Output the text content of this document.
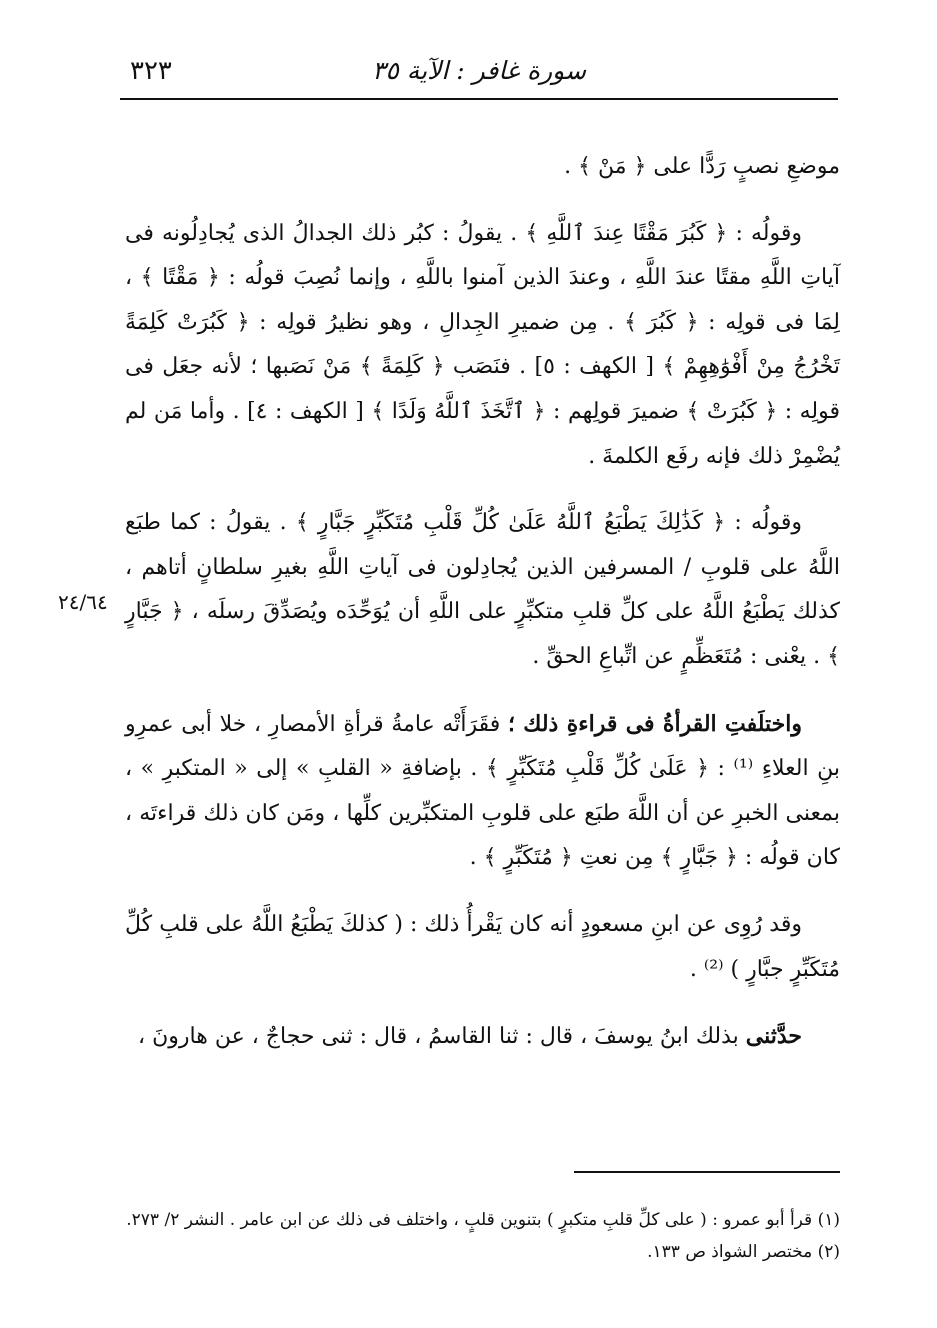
سورة غافر : الآية ٣٥
٣٢٣
٢٤/٦٤

موضعِ نصبٍ رَدًّا على ﴿ مَنْ ﴾ .

وقولُه : ﴿ كَبُرَ مَقْتًا عِندَ ٱللَّهِ ﴾ . يقولُ : كبُر ذلك الجدالُ الذى يُجادِلُونه فى آياتِ اللَّهِ مقتًا عندَ اللَّهِ ، وعندَ الذين آمنوا باللَّهِ ، وإنما نُصِبَ قولُه : ﴿ مَقْتًا ﴾ ، لِمَا فى قولِه : ﴿ كَبُرَ ﴾ . مِن ضميرِ الجِدالِ ، وهو نظيرُ قولِه : ﴿ كَبُرَتْ كَلِمَةً تَخْرُجُ مِنْ أَفْوَٰهِهِمْ ﴾ [ الكهف : ٥] . فنَصَب ﴿ كَلِمَةً ﴾ مَنْ نَصَبها ؛ لأنه جعَل فى قولِه : ﴿ كَبُرَتْ ﴾ ضميرَ قولِهم : ﴿ ٱتَّخَذَ ٱللَّهُ وَلَدًا ﴾ [ الكهف : ٤] . وأما مَن لم يُضْمِرْ ذلك فإنه رفَع الكلمةَ .

وقولُه : ﴿ كَذَٰلِكَ يَطْبَعُ ٱللَّهُ عَلَىٰ كُلِّ قَلْبِ مُتَكَبِّرٍ جَبَّارٍ ﴾ . يقولُ : كما طبَع اللَّهُ على قلوبِ / المسرفين الذين يُجادِلون فى آياتِ اللَّهِ بغيرِ سلطانٍ أتاهم ، كذلك يَطْبَعُ اللَّهُ على كلِّ قلبِ متكبِّرٍ على اللَّهِ أن يُوَحِّدَه ويُصَدِّقَ رسلَه ، ﴿ جَبَّارٍ ﴾ . يعْنى : مُتَعَظِّمٍ عن اتِّباعِ الحقِّ .

واختلَفتِ القرأةُ فى قراءةِ ذلك ؛ فقَرَأَتْه عامةُ قرأةِ الأمصارِ ، خلا أبى عمرِو بنِ العلاءِ ⁽¹⁾ : ﴿ عَلَىٰ كُلِّ قَلْبِ مُتَكَبِّرٍ ﴾ . بإضافةِ « القلبِ » إلى « المتكبرِ » ، بمعنى الخبرِ عن أن اللَّهَ طبَع على قلوبِ المتكبِّرين كلِّها ، ومَن كان ذلك قراءتَه ، كان قولُه : ﴿ جَبَّارٍ ﴾ مِن نعتِ ﴿ مُتَكَبِّرٍ ﴾ .

وقد رُوِى عن ابنِ مسعودٍ أنه كان يَقْرأُ ذلك : ( كذلكَ يَطْبَعُ اللَّهُ على قلبِ كُلِّ مُتَكَبِّرٍ جبَّارٍ ) ⁽²⁾ .

حدَّثنى بذلك ابنُ يوسفَ ، قال : ثنا القاسمُ ، قال : ثنى حجاجٌ ، عن هارونَ ،

(١) قرأ أبو عمرو : ( على كلِّ قلبِ متكبرٍ ) بتنوين قلبٍ ، واختلف فى ذلك عن ابن عامر . النشر ٢/ ٢٧٣.

(٢) مختصر الشواذ ص ١٣٣.
